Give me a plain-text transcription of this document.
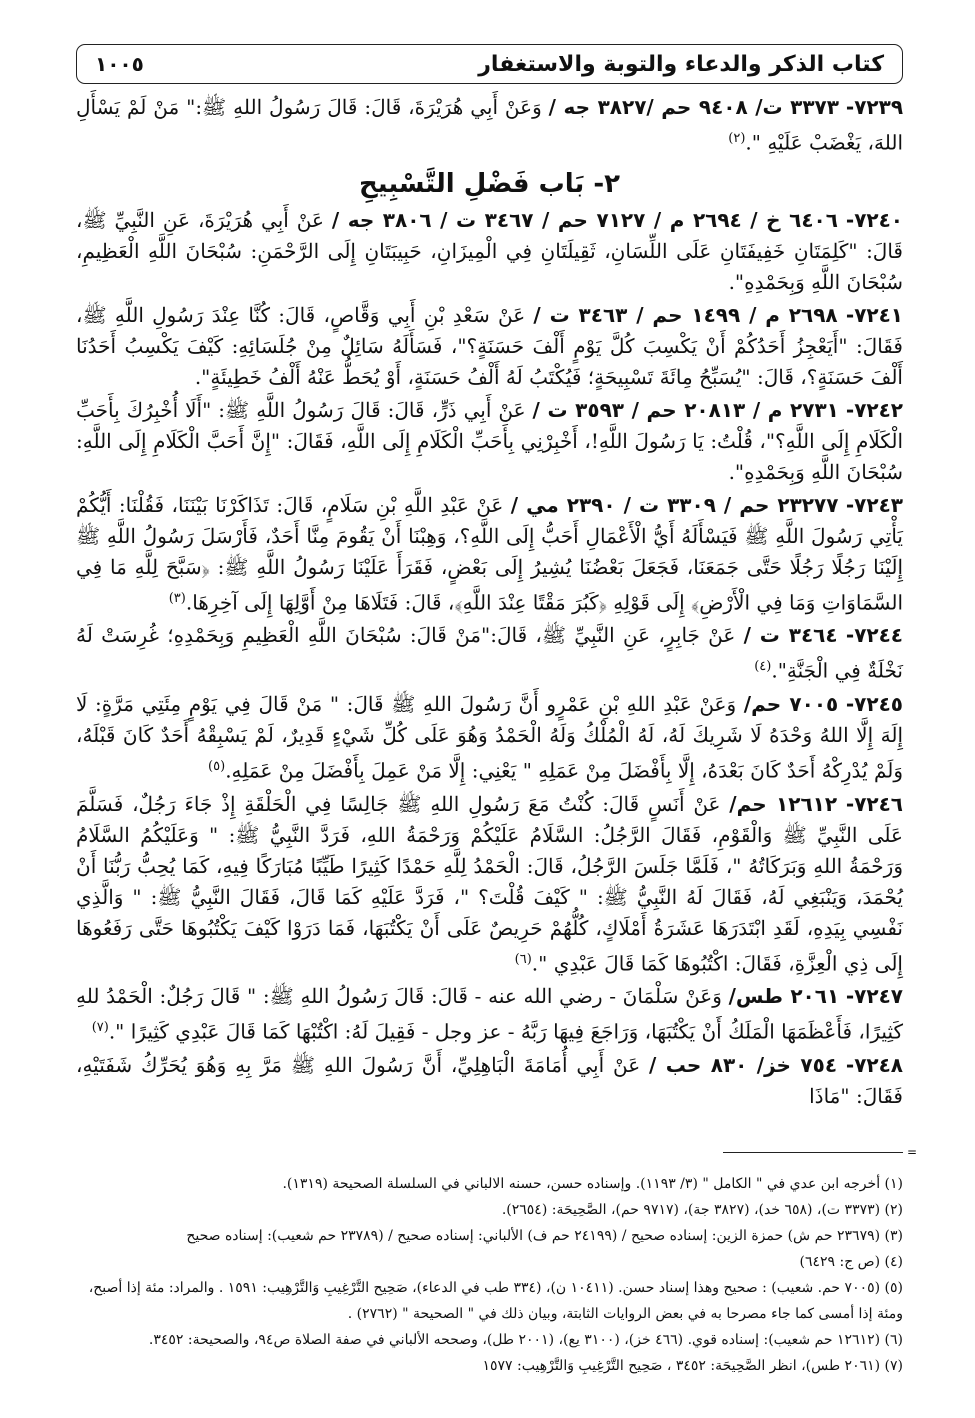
كتاب الذكر والدعاء والتوبة والاستغفار
١٠٠٥

٧٢٣٩- ٣٣٧٣ ت/ ٩٤٠٨ حم /٣٨٢٧ جه / وَعَنْ أَبِي هُرَيْرَةَ، قَالَ: قَالَ رَسُولُ اللهِ ﷺ:" مَنْ لَمْ يَسْأَلِ اللهَ، يَغْضَبْ عَلَيْهِ ".$^{(٢)}$

٢- بَاب فَضْلِ التَّسْبِيحِ

٧٢٤٠- ٦٤٠٦ خ / ٢٦٩٤ م / ٧١٢٧ حم / ٣٤٦٧ ت / ٣٨٠٦ جه / عَنْ أَبِي هُرَيْرَةَ، عَنِ النَّبِيِّ ﷺ، قَالَ: "كَلِمَتَانِ خَفِيفَتَانِ عَلَى اللِّسَانِ، ثَقِيلَتَانِ فِي الْمِيزَانِ، حَبِيبَتَانِ إِلَى الرَّحْمَنِ: سُبْحَانَ اللَّهِ الْعَظِيمِ، سُبْحَانَ اللَّهِ وَبِحَمْدِهِ".

٧٢٤١- ٢٦٩٨ م / ١٤٩٩ حم / ٣٤٦٣ ت / عَنْ سَعْدِ بْنِ أَبِي وَقَّاصٍ، قَالَ: كُنَّا عِنْدَ رَسُولِ اللَّهِ ﷺ، فَقَالَ: "أَيَعْجِزُ أَحَدُكُمْ أَنْ يَكْسِبَ كُلَّ يَوْمٍ أَلْفَ حَسَنَةٍ؟"، فَسَأَلَهُ سَائِلٌ مِنْ جُلَسَائِهِ: كَيْفَ يَكْسِبُ أَحَدُنَا أَلْفَ حَسَنَةٍ؟، قَالَ: "يُسَبِّحُ مِائَةَ تَسْبِيحَةٍ؛ فَيُكْتَبُ لَهُ أَلْفُ حَسَنَةٍ، أَوْ يُحَطُّ عَنْهُ أَلْفُ خَطِيئَةٍ".

٧٢٤٢- ٢٧٣١ م / ٢٠٨١٣ حم / ٣٥٩٣ ت / عَنْ أَبِي ذَرٍّ، قَالَ: قَالَ رَسُولُ اللَّهِ ﷺ: "أَلَا أُخْبِرُكَ بِأَحَبِّ الْكَلَامِ إِلَى اللَّهِ؟"، قُلْتُ: يَا رَسُولَ اللَّهِ!، أَخْبِرْنِي بِأَحَبِّ الْكَلَامِ إِلَى اللَّهِ، فَقَالَ: "إِنَّ أَحَبَّ الْكَلَامِ إِلَى اللَّهِ: سُبْحَانَ اللَّهِ وَبِحَمْدِهِ".

٧٢٤٣- ٢٣٢٧٧ حم / ٣٣٠٩ ت / ٢٣٩٠ مي / عَنْ عَبْدِ اللَّهِ بْنِ سَلَامٍ، قَالَ: تَذَاكَرْنَا بَيْنَنَا، فَقُلْنَا: أَيُّكُمْ يَأْتِي رَسُولَ اللَّهِ ﷺ فَيَسْأَلَهُ أَيُّ الْأَعْمَالِ أَحَبُّ إِلَى اللَّهِ؟، وَهِبْنَا أَنْ يَقُومَ مِنَّا أَحَدٌ، فَأَرْسَلَ رَسُولُ اللَّهِ ﷺ إِلَيْنَا رَجُلًا رَجُلًا حَتَّى جَمَعَنَا، فَجَعَلَ بَعْضُنَا يُشِيرُ إِلَى بَعْضٍ، فَقَرَأَ عَلَيْنَا رَسُولُ اللَّهِ ﷺ: ﴿سَبَّحَ لِلَّهِ مَا فِي السَّمَاوَاتِ وَمَا فِي الْأَرْضِ﴾ إِلَى قَوْلِهِ ﴿كَبُرَ مَقْتًا عِنْدَ اللَّهِ﴾، قَالَ: فَتَلَاهَا مِنْ أَوَّلِهَا إِلَى آخِرِهَا.$^{(٣)}$

٧٢٤٤- ٣٤٦٤ ت / عَنْ جَابِرٍ، عَنِ النَّبِيِّ ﷺ، قَالَ:"مَنْ قَالَ: سُبْحَانَ اللَّهِ الْعَظِيمِ وَبِحَمْدِهِ؛ غُرِسَتْ لَهُ نَخْلَةٌ فِي الْجَنَّةِ".$^{(٤)}$

٧٢٤٥- ٧٠٠٥ حم/ وَعَنْ عَبْدِ اللهِ بْنِ عَمْرٍو أَنَّ رَسُولَ اللهِ ﷺ قَالَ: " مَنْ قَالَ فِي يَوْمٍ مِئَتِي مَرَّةٍ: لَا إِلَهَ إِلَّا اللهُ وَحْدَهُ لَا شَرِيكَ لَهُ، لَهُ الْمُلْكُ وَلَهُ الْحَمْدُ وَهُوَ عَلَى كُلِّ شَيْءٍ قَدِيرٌ، لَمْ يَسْبِقْهُ أَحَدٌ كَانَ قَبْلَهُ، وَلَمْ يُدْرِكْهُ أَحَدٌ كَانَ بَعْدَهُ، إِلَّا بِأَفْضَلَ مِنْ عَمَلِهِ " يَعْنِي: إِلَّا مَنْ عَمِلَ بِأَفْضَلَ مِنْ عَمَلِهِ.$^{(٥)}$

٧٢٤٦- ١٢٦١٢ حم/ عَنْ أَنَسٍ قَالَ: كُنْتُ مَعَ رَسُولِ اللهِ ﷺ جَالِسًا فِي الْحَلْقَةِ إِذْ جَاءَ رَجُلٌ، فَسَلَّمَ عَلَى النَّبِيِّ ﷺ وَالْقَوْمِ، فَقَالَ الرَّجُلُ: السَّلَامُ عَلَيْكُمْ وَرَحْمَةُ اللهِ، فَرَدَّ النَّبِيُّ ﷺ: " وَعَلَيْكُمُ السَّلَامُ وَرَحْمَةُ اللهِ وَبَرَكَاتُهُ "، فَلَمَّا جَلَسَ الرَّجُلُ، قَالَ: الْحَمْدُ لِلَّهِ حَمْدًا كَثِيرًا طَيِّبًا مُبَارَكًا فِيهِ، كَمَا يُحِبُّ رَبُّنَا أَنْ يُحْمَدَ، وَيَنْبَغِي لَهُ، فَقَالَ لَهُ النَّبِيُّ ﷺ: " كَيْفَ قُلْتَ؟ "، فَرَدَّ عَلَيْهِ كَمَا قَالَ، فَقَالَ النَّبِيُّ ﷺ: " وَالَّذِي نَفْسِي بِيَدِهِ، لَقَدِ ابْتَدَرَهَا عَشَرَةُ أَمْلَاكٍ، كُلُّهُمْ حَرِيصٌ عَلَى أَنْ يَكْتُبَهَا، فَمَا دَرَوْا كَيْفَ يَكْتُبُوهَا حَتَّى رَفَعُوهَا إِلَى ذِي الْعِزَّةِ، فَقَالَ: اكْتُبُوهَا كَمَا قَالَ عَبْدِي ".$^{(٦)}$

٧٢٤٧- ٢٠٦١ طس/ وَعَنْ سَلْمَانَ - رضي الله عنه - قَالَ: قَالَ رَسُولُ اللهِ ﷺ: " قَالَ رَجُلٌ: الْحَمْدُ للهِ كَثِيرًا، فَأَعْظَمَهَا الْمَلَكُ أَنْ يَكْتُبَهَا، وَرَاجَعَ فِيهَا رَبَّهُ - عز وجل - فَقِيلَ لَهُ: اكْتُبْهَا كَمَا قَالَ عَبْدِي كَثِيرًا ".$^{(٧)}$

٧٢٤٨- ٧٥٤ خز/ ٨٣٠ حب / عَنْ أَبِي أُمَامَةَ الْبَاهِلِيِّ، أَنَّ رَسُولَ اللهِ ﷺ مَرَّ بِهِ وَهُوَ يُحَرِّكُ شَفَتَيْهِ، فَقَالَ: "مَاذَا

=

(١) أخرجه ابن عدي في " الكامل " (٣/ ١١٩٣). وإسناده حسن، حسنه الالباني في السلسلة الصحيحة (١٣١٩).

(٢) (٣٣٧٣ ت)، (٦٥٨ خد)، (٣٨٢٧ جة)، (٩٧١٧ حم)، الصَّحِيحَة: (٢٦٥٤).

(٣) (٢٣٦٧٩ حم ش) حمزة الزين: إسناده صحيح / (٢٤١٩٩ حم ف) الألباني: إسناده صحيح / (٢٣٧٨٩ حم شعيب): إسناده صحيح

(٤) (ص ج: ٦٤٢٩)

(٥) (٧٠٠٥ حم. شعيب) : صحيح وهذا إسناد حسن. (١٠٤١١ ن)، (٣٣٤ طب في الدعاء)، صَحِيح التَّرْغِيبِ وَالتَّرْهِيب: ١٥٩١ . والمراد: مئة إذا أصبح،

ومئة إذا أمسى كما جاء مصرحا به في بعض الروايات الثابتة، وبيان ذلك في " الصحيحة " (٢٧٦٢) .

(٦) (١٢٦١٢ حم شعيب): إسناده قوي. (٤٦٦ خز)، (٣١٠٠ يع)، (٢٠٠١ طل)، وصححه الألباني في صفة الصلاة ص٩٤، والصحيحة: ٣٤٥٢.

(٧) (٢٠٦١ طس)، انظر الصَّحِيحَة: ٣٤٥٢ ، صَحِيح التَّرْغِيبِ وَالتَّرْهِيب: ١٥٧٧
